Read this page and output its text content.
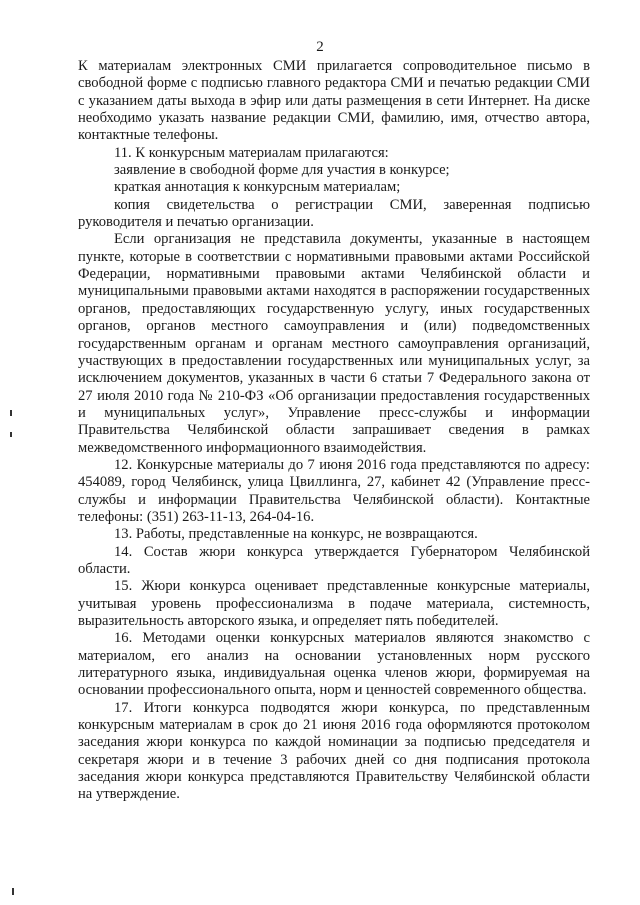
2

К материалам электронных СМИ прилагается сопроводительное письмо в свободной форме с подписью главного редактора СМИ и печатью редакции СМИ с указанием даты выхода в эфир или даты размещения в сети Интернет. На диске необходимо указать название редакции СМИ, фамилию, имя, отчество автора, контактные телефоны.

11. К конкурсным материалам прилагаются:

заявление в свободной форме для участия в конкурсе;

краткая аннотация к конкурсным материалам;

копия свидетельства о регистрации СМИ, заверенная подписью руководителя и печатью организации.

Если организация не представила документы, указанные в настоящем пункте, которые в соответствии с нормативными правовыми актами Российской Федерации, нормативными правовыми актами Челябинской области и муниципальными правовыми актами находятся в распоряжении государственных органов, предоставляющих государственную услугу, иных государственных органов, органов местного самоуправления и (или) подведомственных государственным органам и органам местного самоуправления организаций, участвующих в предоставлении государственных или муниципальных услуг, за исключением документов, указанных в части 6 статьи 7 Федерального закона от 27 июля 2010 года № 210-ФЗ «Об организации предоставления государственных и муниципальных услуг», Управление пресс-службы и информации Правительства Челябинской области запрашивает сведения в рамках межведомственного информационного взаимодействия.

12. Конкурсные материалы до 7 июня 2016 года представляются по адресу: 454089, город Челябинск, улица Цвиллинга, 27, кабинет 42 (Управление пресс-службы и информации Правительства Челябинской области). Контактные телефоны: (351) 263-11-13, 264-04-16.

13. Работы, представленные на конкурс, не возвращаются.

14. Состав жюри конкурса утверждается Губернатором Челябинской области.

15. Жюри конкурса оценивает представленные конкурсные материалы, учитывая уровень профессионализма в подаче материала, системность, выразительность авторского языка, и определяет пять победителей.

16. Методами оценки конкурсных материалов являются знакомство с материалом, его анализ на основании установленных норм русского литературного языка, индивидуальная оценка членов жюри, формируемая на основании профессионального опыта, норм и ценностей современного общества.

17. Итоги конкурса подводятся жюри конкурса, по представленным конкурсным материалам в срок до 21 июня 2016 года оформляются протоколом заседания жюри конкурса по каждой номинации за подписью председателя и секретаря жюри и в течение 3 рабочих дней со дня подписания протокола заседания жюри конкурса представляются Правительству Челябинской области на утверждение.
